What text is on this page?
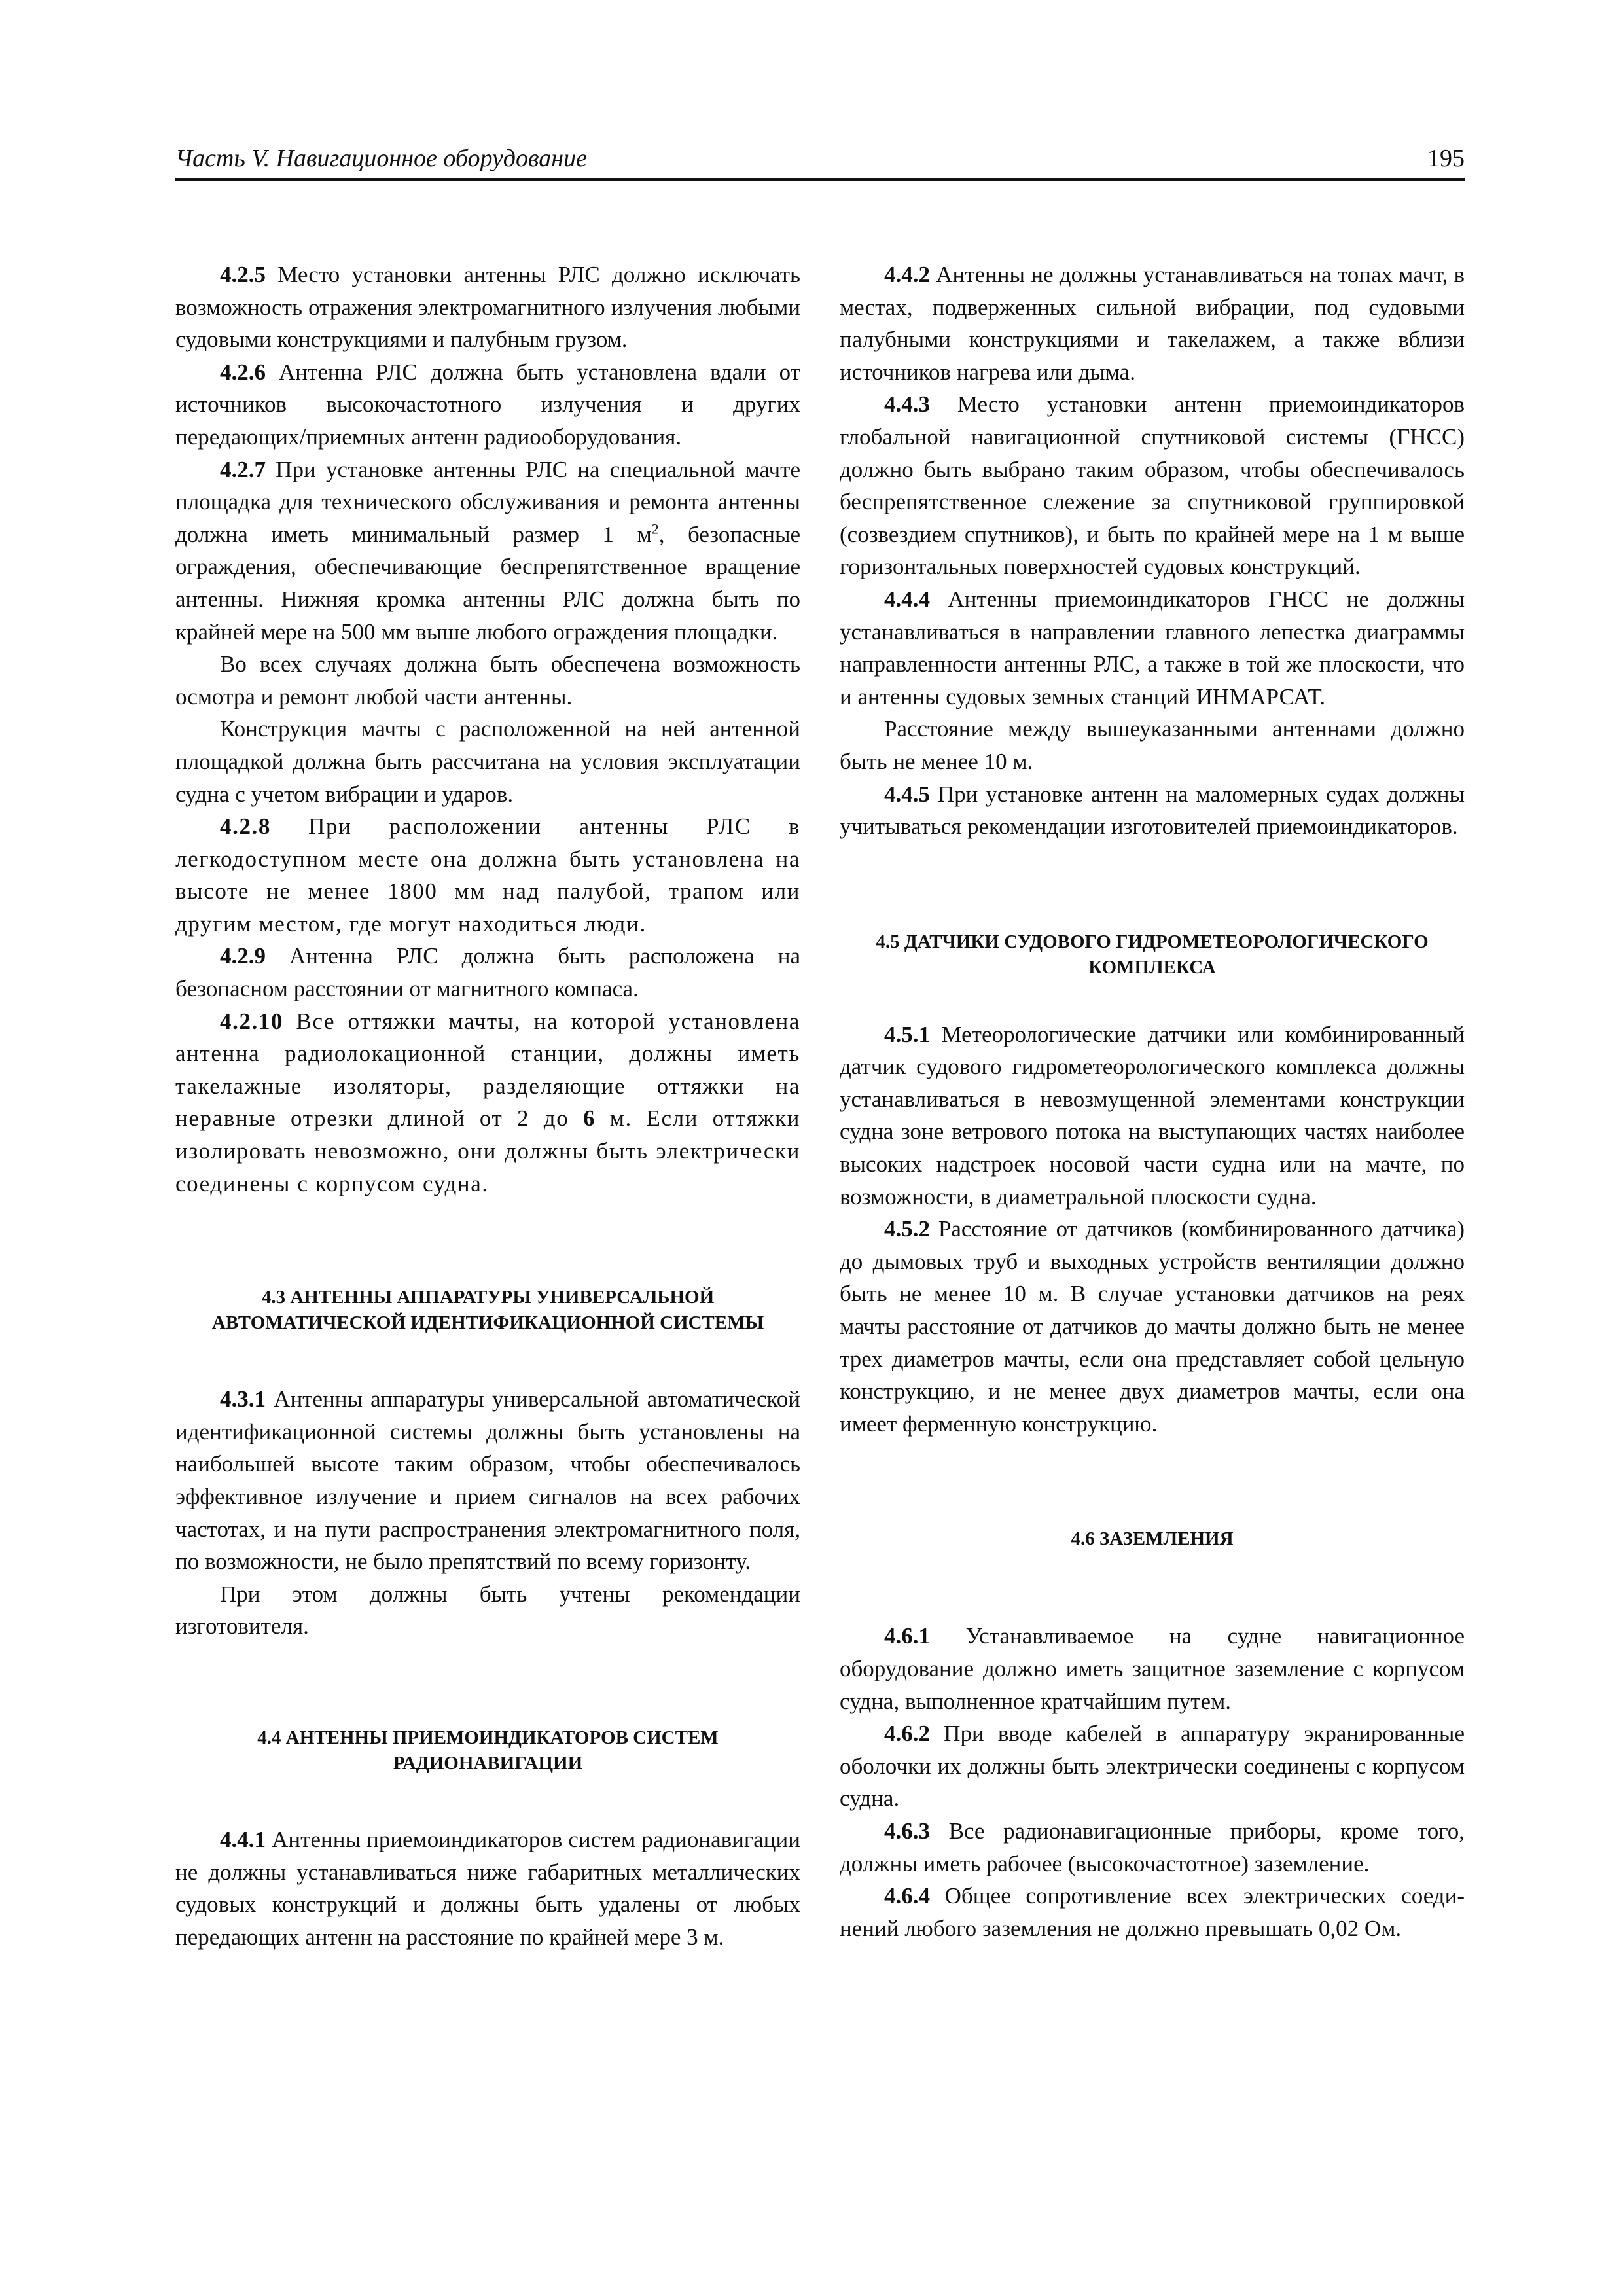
Часть V. Навигационное оборудование	195

4.2.5 Место установки антенны РЛС должно исключать возможность отражения электромагнитного излучения любыми судовыми конструкциями и палубным грузом.

4.2.6 Антенна РЛС должна быть установлена вдали от источников высокочастотного излучения и других передающих/приемных антенн радиооборудования.

4.2.7 При установке антенны РЛС на специальной мачте площадка для технического обслуживания и ремонта антенны должна иметь минимальный размер 1 $м^2$, безопасные ограждения, обеспечивающие беспрепятственное вращение антенны. Нижняя кромка антенны РЛС должна быть по крайней мере на 500 мм выше любого ограждения площадки.

Во всех случаях должна быть обеспечена возможность осмотра и ремонт любой части антенны.

Конструкция мачты с расположенной на ней антенной площадкой должна быть рассчитана на условия эксплуатации судна с учетом вибрации и ударов.

4.2.8 При расположении антенны РЛС в легкодоступном месте она должна быть установлена на высоте не менее 1800 мм над палубой, трапом или другим местом, где могут находиться люди.

4.2.9 Антенна РЛС должна быть расположена на безопасном расстоянии от магнитного компаса.

4.2.10 Все оттяжки мачты, на которой установлена антенна радиолокационной станции, должны иметь такелажные изоляторы, разделяющие оттяжки на неравные отрезки длиной от 2 до 6 м. Если оттяжки изолировать невозможно, они должны быть электрически соединены с корпусом судна.

4.3 АНТЕННЫ АППАРАТУРЫ УНИВЕРСАЛЬНОЙ АВТОМАТИЧЕСКОЙ ИДЕНТИФИКАЦИОННОЙ СИСТЕМЫ

4.3.1 Антенны аппаратуры универсальной автоматической идентификационной системы должны быть установлены на наибольшей высоте таким образом, чтобы обеспечивалось эффективное излучение и прием сигналов на всех рабочих частотах, и на пути распространения электромагнитного поля, по возможности, не было препятствий по всему горизонту.

При этом должны быть учтены рекомендации изготовителя.

4.4 АНТЕННЫ ПРИЕМОИНДИКАТОРОВ СИСТЕМ РАДИОНАВИГАЦИИ

4.4.1 Антенны приемоиндикаторов систем радионавигации не должны устанавливаться ниже габаритных металлических судовых конструкций и должны быть удалены от любых передающих антенн на расстояние по крайней мере 3 м.

4.4.2 Антенны не должны устанавливаться на топах мачт, в местах, подверженных сильной вибрации, под судовыми палубными конструкциями и такелажем, а также вблизи источников нагрева или дыма.

4.4.3 Место установки антенн приемоиндикаторов глобальной навигационной спутниковой системы (ГНСС) должно быть выбрано таким образом, чтобы обеспечивалось беспрепятственное слежение за спутниковой группировкой (созвездием спутников), и быть по крайней мере на 1 м выше горизонтальных поверхностей судовых конструкций.

4.4.4 Антенны приемоиндикаторов ГНСС не должны устанавливаться в направлении главного лепестка диаграммы направленности антенны РЛС, а также в той же плоскости, что и антенны судовых земных станций ИНМАРСАТ.

Расстояние между вышеуказанными антеннами должно быть не менее 10 м.

4.4.5 При установке антенн на маломерных судах должны учитываться рекомендации изготовителей приемоиндикаторов.

4.5 ДАТЧИКИ СУДОВОГО ГИДРОМЕТЕОРОЛОГИЧЕСКОГО КОМПЛЕКСА

4.5.1 Метеорологические датчики или комбинированный датчик судового гидрометеорологического комплекса должны устанавливаться в невозмущенной элементами конструкции судна зоне ветрового потока на выступающих частях наиболее высоких надстроек носовой части судна или на мачте, по возможности, в диаметральной плоскости судна.

4.5.2 Расстояние от датчиков (комбинированного датчика) до дымовых труб и выходных устройств вентиляции должно быть не менее 10 м. В случае установки датчиков на реях мачты расстояние от датчиков до мачты должно быть не менее трех диаметров мачты, если она представляет собой цельную конструкцию, и не менее двух диаметров мачты, если она имеет ферменную конструкцию.

4.6 ЗАЗЕМЛЕНИЯ

4.6.1 Устанавливаемое на судне навигационное оборудование должно иметь защитное заземление с корпусом судна, выполненное кратчайшим путем.

4.6.2 При вводе кабелей в аппаратуру экранированные оболочки их должны быть электрически соединены с корпусом судна.

4.6.3 Все радионавигационные приборы, кроме того, должны иметь рабочее (высокочастотное) заземление.

4.6.4 Общее сопротивление всех электрических соединений любого заземления не должно превышать 0,02 Ом.
